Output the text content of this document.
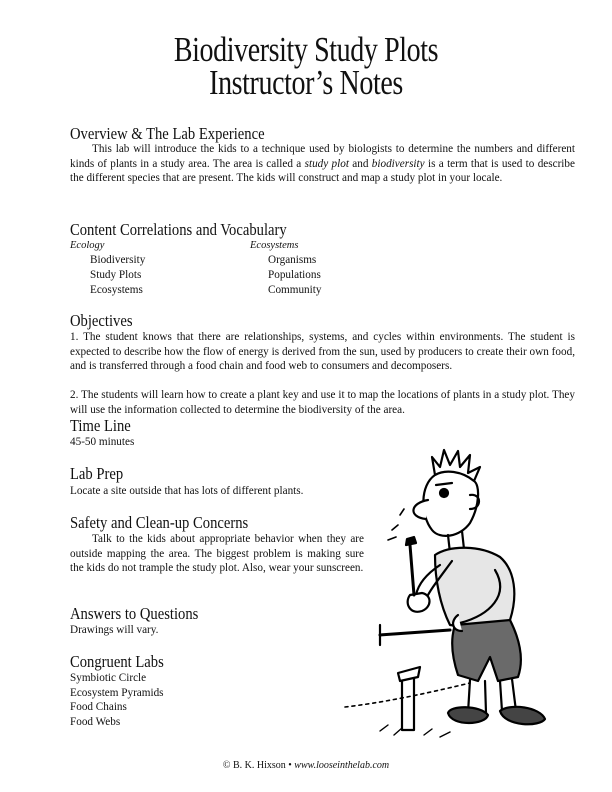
Biodiversity Study Plots
Instructor’s Notes
Overview & The Lab Experience
This lab will introduce the kids to a technique used by biologists to determine the numbers and different kinds of plants in a study area. The area is called a study plot and biodiversity is a term that is used to describe the different species that are present. The kids will construct and map a study plot in your locale.
Content Correlations and Vocabulary
Ecology
Biodiversity
Study Plots
Ecosystems
Ecosystems
Organisms
Populations
Community
Objectives
1. The student knows that there are relationships, systems, and cycles within environments. The student is expected to describe how the flow of energy is derived from the sun, used by producers to create their own food, and is transferred through a food chain and food web to consumers and decomposers.
2. The students will learn how to create a plant key and use it to map the locations of plants in a study plot. They will use the information collected to determine the biodiversity of the area.
Time Line
45-50 minutes
Lab Prep
Locate a site outside that has lots of different plants.
Safety and Clean-up Concerns
Talk to the kids about appropriate behavior when they are outside mapping the area. The biggest problem is making sure the kids do not trample the study plot. Also, wear your sunscreen.
Answers to Questions
Drawings will vary.
Congruent Labs
Symbiotic Circle
Ecosystem Pyramids
Food Chains
Food Webs
© B. K. Hixson • www.looseinthelab.com
